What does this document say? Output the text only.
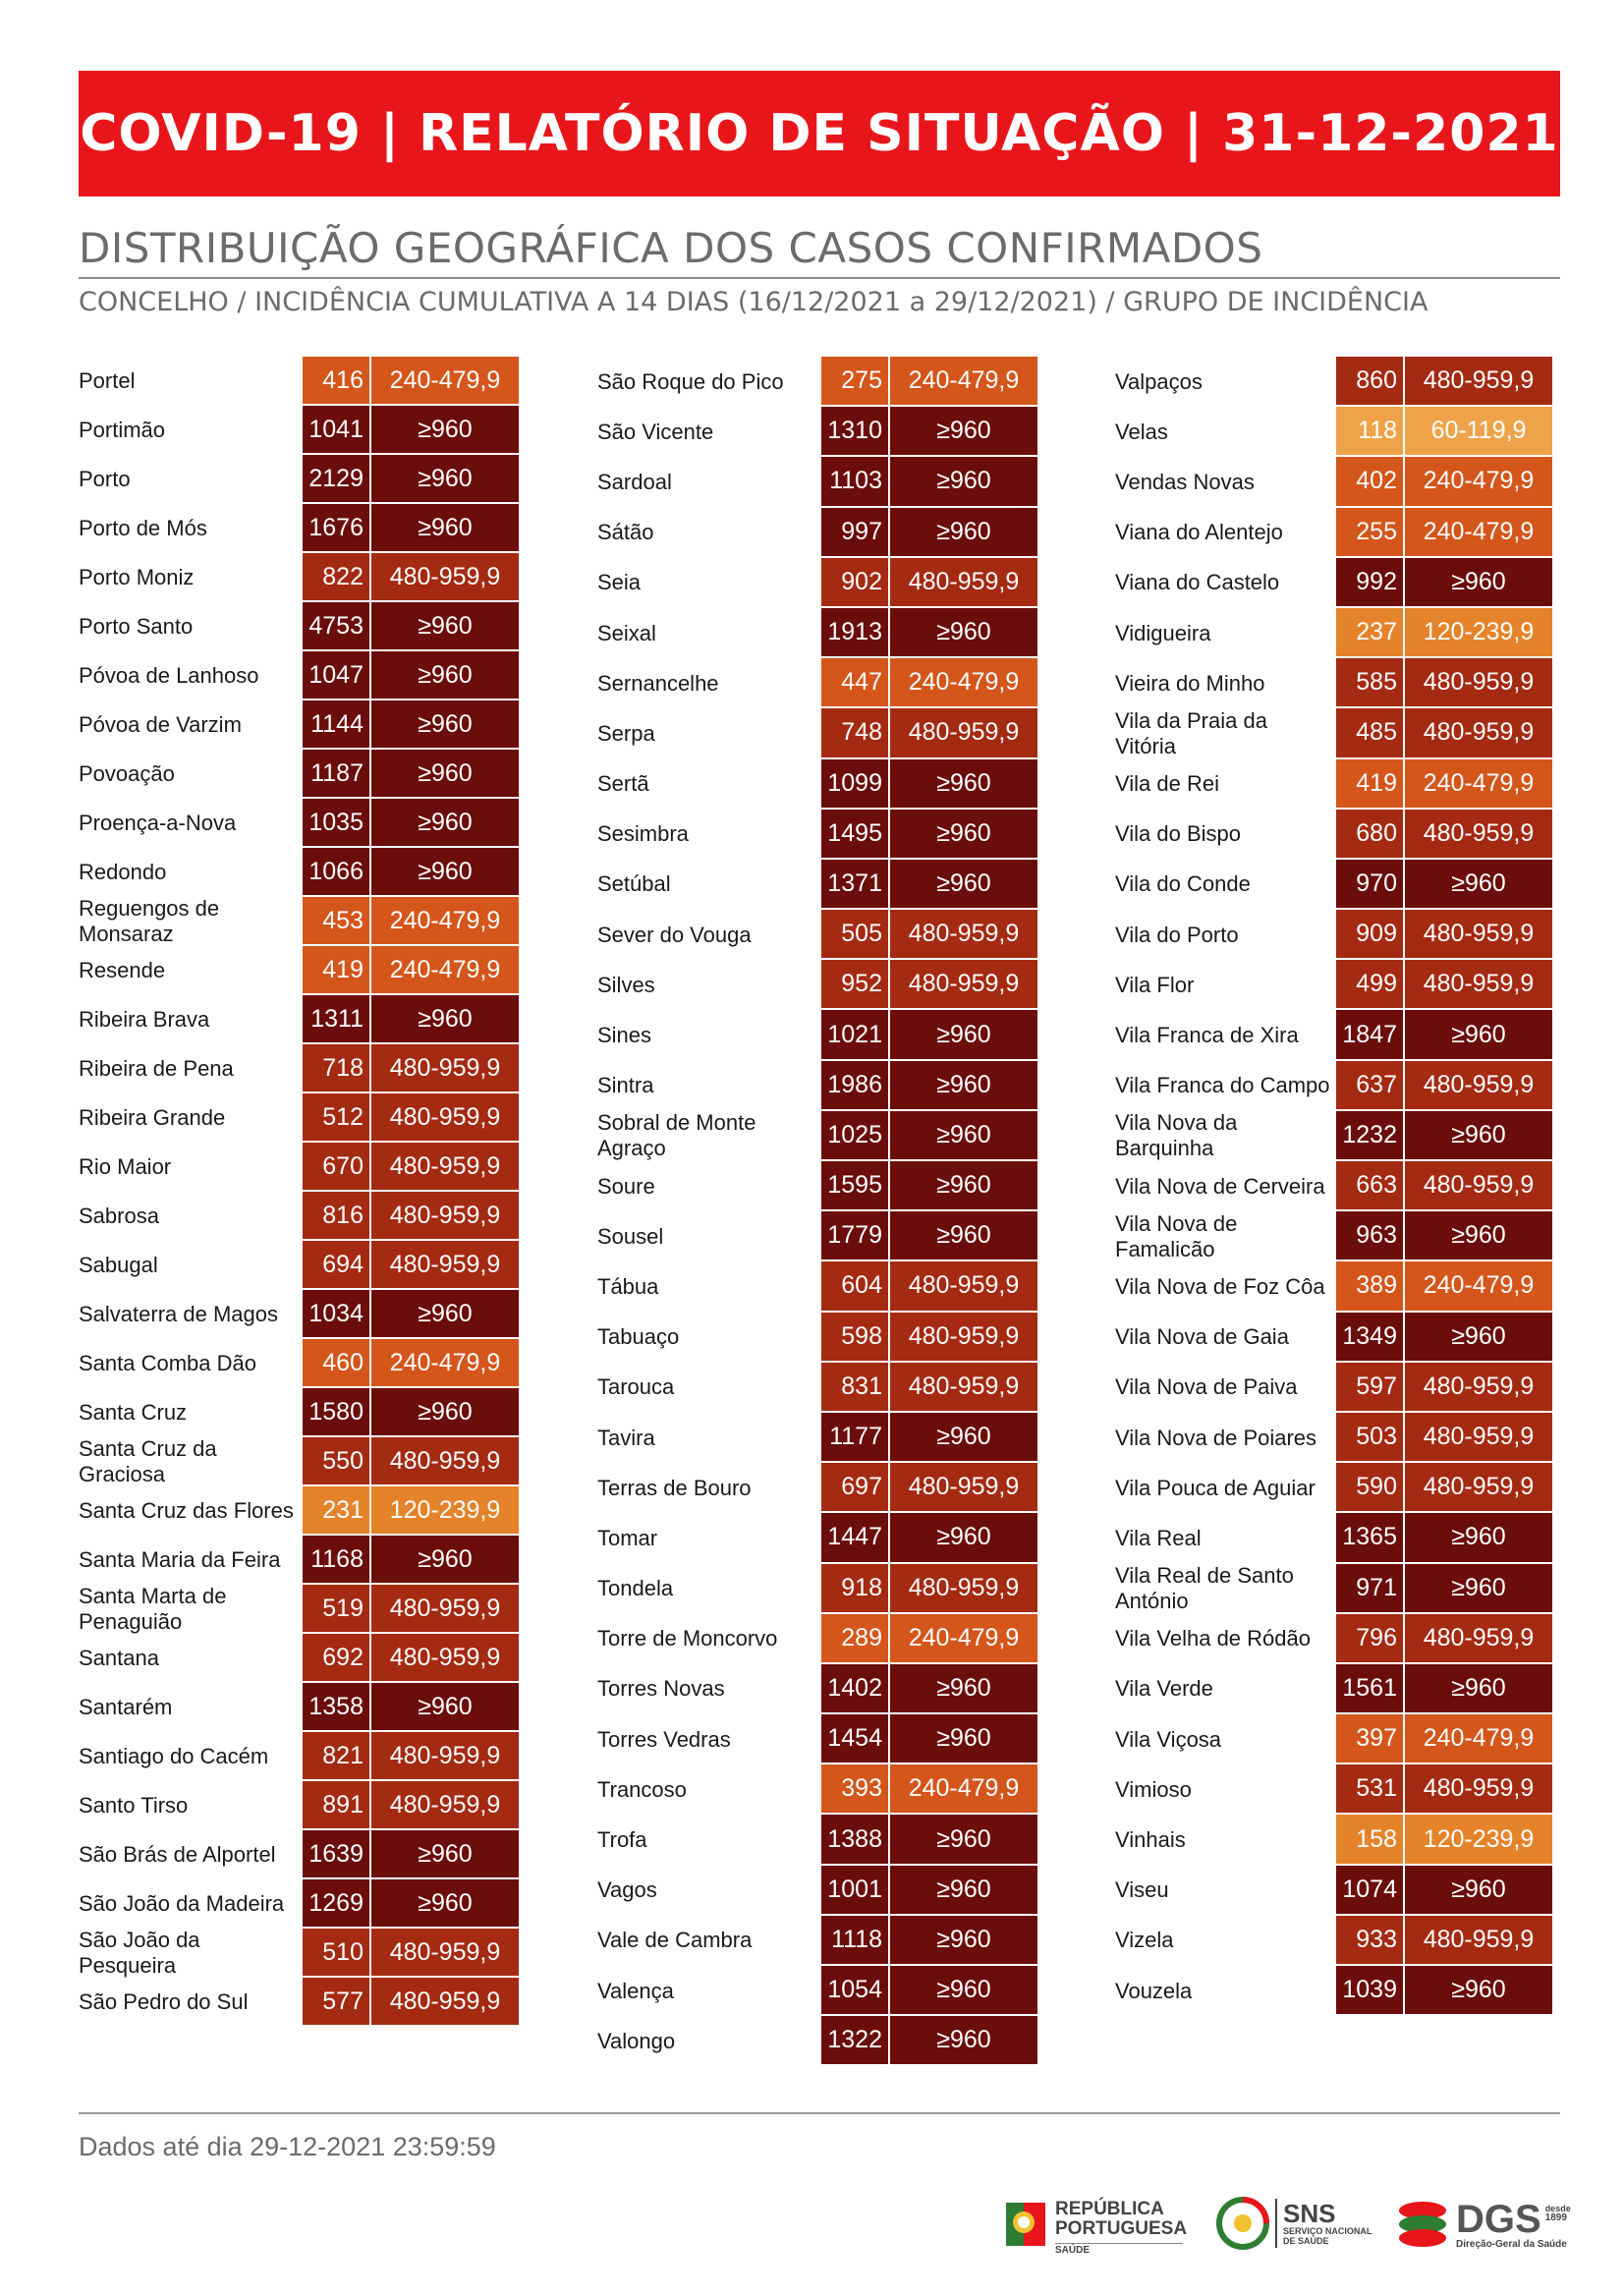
COVID-19 | RELATÓRIO DE SITUAÇÃO | 31-12-2021
DISTRIBUIÇÃO GEOGRÁFICA DOS CASOS CONFIRMADOS
CONCELHO / INCIDÊNCIA CUMULATIVA A 14 DIAS (16/12/2021 a 29/12/2021) / GRUPO DE INCIDÊNCIA
Portel	416	240-479,9
Portimão	1041	≥960
Porto	2129	≥960
Porto de Mós	1676	≥960
Porto Moniz	822	480-959,9
Porto Santo	4753	≥960
Póvoa de Lanhoso	1047	≥960
Póvoa de Varzim	1144	≥960
Povoação	1187	≥960
Proença-a-Nova	1035	≥960
Redondo	1066	≥960
Reguengos de Monsaraz	453	240-479,9
Resende	419	240-479,9
Ribeira Brava	1311	≥960
Ribeira de Pena	718	480-959,9
Ribeira Grande	512	480-959,9
Rio Maior	670	480-959,9
Sabrosa	816	480-959,9
Sabugal	694	480-959,9
Salvaterra de Magos	1034	≥960
Santa Comba Dão	460	240-479,9
Santa Cruz	1580	≥960
Santa Cruz da Graciosa	550	480-959,9
Santa Cruz das Flores	231	120-239,9
Santa Maria da Feira	1168	≥960
Santa Marta de Penaguião	519	480-959,9
Santana	692	480-959,9
Santarém	1358	≥960
Santiago do Cacém	821	480-959,9
Santo Tirso	891	480-959,9
São Brás de Alportel	1639	≥960
São João da Madeira	1269	≥960
São João da Pesqueira	510	480-959,9
São Pedro do Sul	577	480-959,9
São Roque do Pico	275	240-479,9
São Vicente	1310	≥960
Sardoal	1103	≥960
Sátão	997	≥960
Seia	902	480-959,9
Seixal	1913	≥960
Sernancelhe	447	240-479,9
Serpa	748	480-959,9
Sertã	1099	≥960
Sesimbra	1495	≥960
Setúbal	1371	≥960
Sever do Vouga	505	480-959,9
Silves	952	480-959,9
Sines	1021	≥960
Sintra	1986	≥960
Sobral de Monte Agraço	1025	≥960
Soure	1595	≥960
Sousel	1779	≥960
Tábua	604	480-959,9
Tabuaço	598	480-959,9
Tarouca	831	480-959,9
Tavira	1177	≥960
Terras de Bouro	697	480-959,9
Tomar	1447	≥960
Tondela	918	480-959,9
Torre de Moncorvo	289	240-479,9
Torres Novas	1402	≥960
Torres Vedras	1454	≥960
Trancoso	393	240-479,9
Trofa	1388	≥960
Vagos	1001	≥960
Vale de Cambra	1118	≥960
Valença	1054	≥960
Valongo	1322	≥960
Valpaços	860	480-959,9
Velas	118	60-119,9
Vendas Novas	402	240-479,9
Viana do Alentejo	255	240-479,9
Viana do Castelo	992	≥960
Vidigueira	237	120-239,9
Vieira do Minho	585	480-959,9
Vila da Praia da Vitória	485	480-959,9
Vila de Rei	419	240-479,9
Vila do Bispo	680	480-959,9
Vila do Conde	970	≥960
Vila do Porto	909	480-959,9
Vila Flor	499	480-959,9
Vila Franca de Xira	1847	≥960
Vila Franca do Campo	637	480-959,9
Vila Nova da Barquinha	1232	≥960
Vila Nova de Cerveira	663	480-959,9
Vila Nova de Famalicão	963	≥960
Vila Nova de Foz Côa	389	240-479,9
Vila Nova de Gaia	1349	≥960
Vila Nova de Paiva	597	480-959,9
Vila Nova de Poiares	503	480-959,9
Vila Pouca de Aguiar	590	480-959,9
Vila Real	1365	≥960
Vila Real de Santo António	971	≥960
Vila Velha de Ródão	796	480-959,9
Vila Verde	1561	≥960
Vila Viçosa	397	240-479,9
Vimioso	531	480-959,9
Vinhais	158	120-239,9
Viseu	1074	≥960
Vizela	933	480-959,9
Vouzela	1039	≥960
Dados até dia 29-12-2021 23:59:59
REPÚBLICA
PORTUGUESA
SAÚDE
SNS
SERVIÇO NACIONAL
DE SAÚDE	DGS desde
1899
Direção-Geral da Saúde
